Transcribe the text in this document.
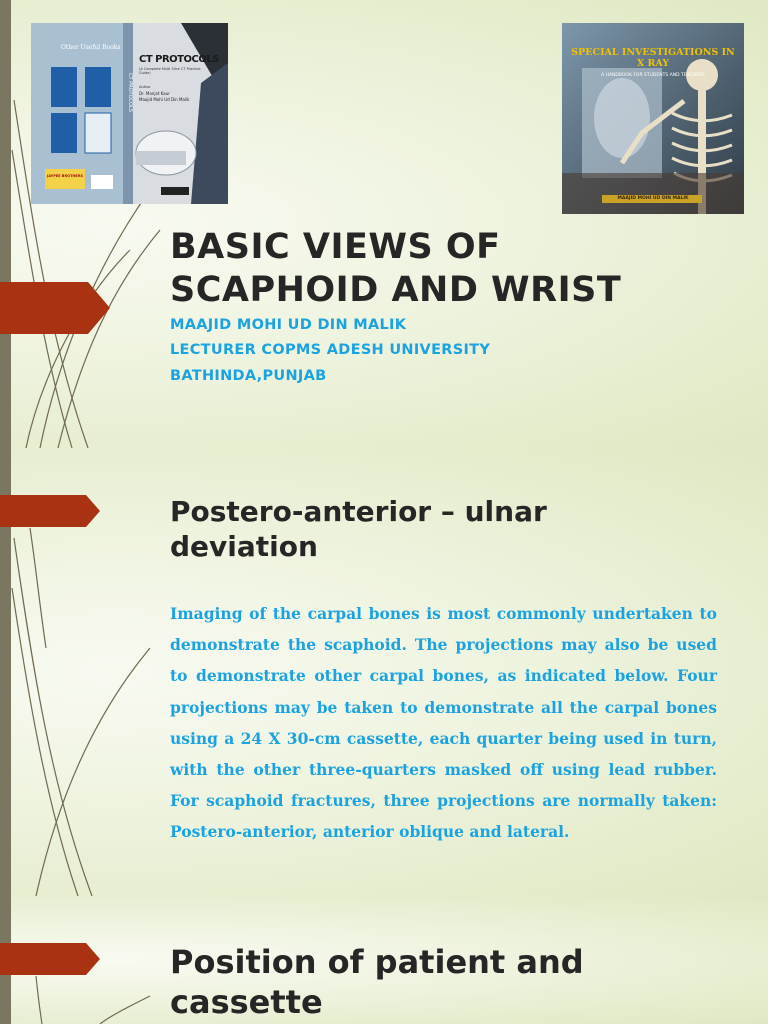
Other Useful Books
CT PROTOCOLS
(A Complete Multi Slice CT Practice Guide)
Author
Dr. Manjot Kaur
Maajid Mohi Ud Din Malik
JAYPEE BROTHERS
CT PROTOCOLS
SPECIAL INVESTIGATIONS IN
X RAY
A HANDBOOK FOR STUDENTS AND TEACHERS
MAAJID MOHI UD DIN MALIK
BASIC VIEWS OF
SCAPHOID AND WRIST
MAAJID MOHI UD DIN MALIK
LECTURER COPMS ADESH UNIVERSITY
BATHINDA,PUNJAB
Postero-anterior – ulnar
deviation
Imaging of the carpal bones is most commonly undertaken to demonstrate the scaphoid. The projections may also be used to demonstrate other carpal bones, as indicated below. Four projections may be taken to demonstrate all the carpal bones using a 24 X 30-cm cassette, each quarter being used in turn, with the other three-quarters masked off using lead rubber. For scaphoid fractures, three projections are normally taken: Postero-anterior, anterior oblique and lateral.
Position of patient and
cassette
